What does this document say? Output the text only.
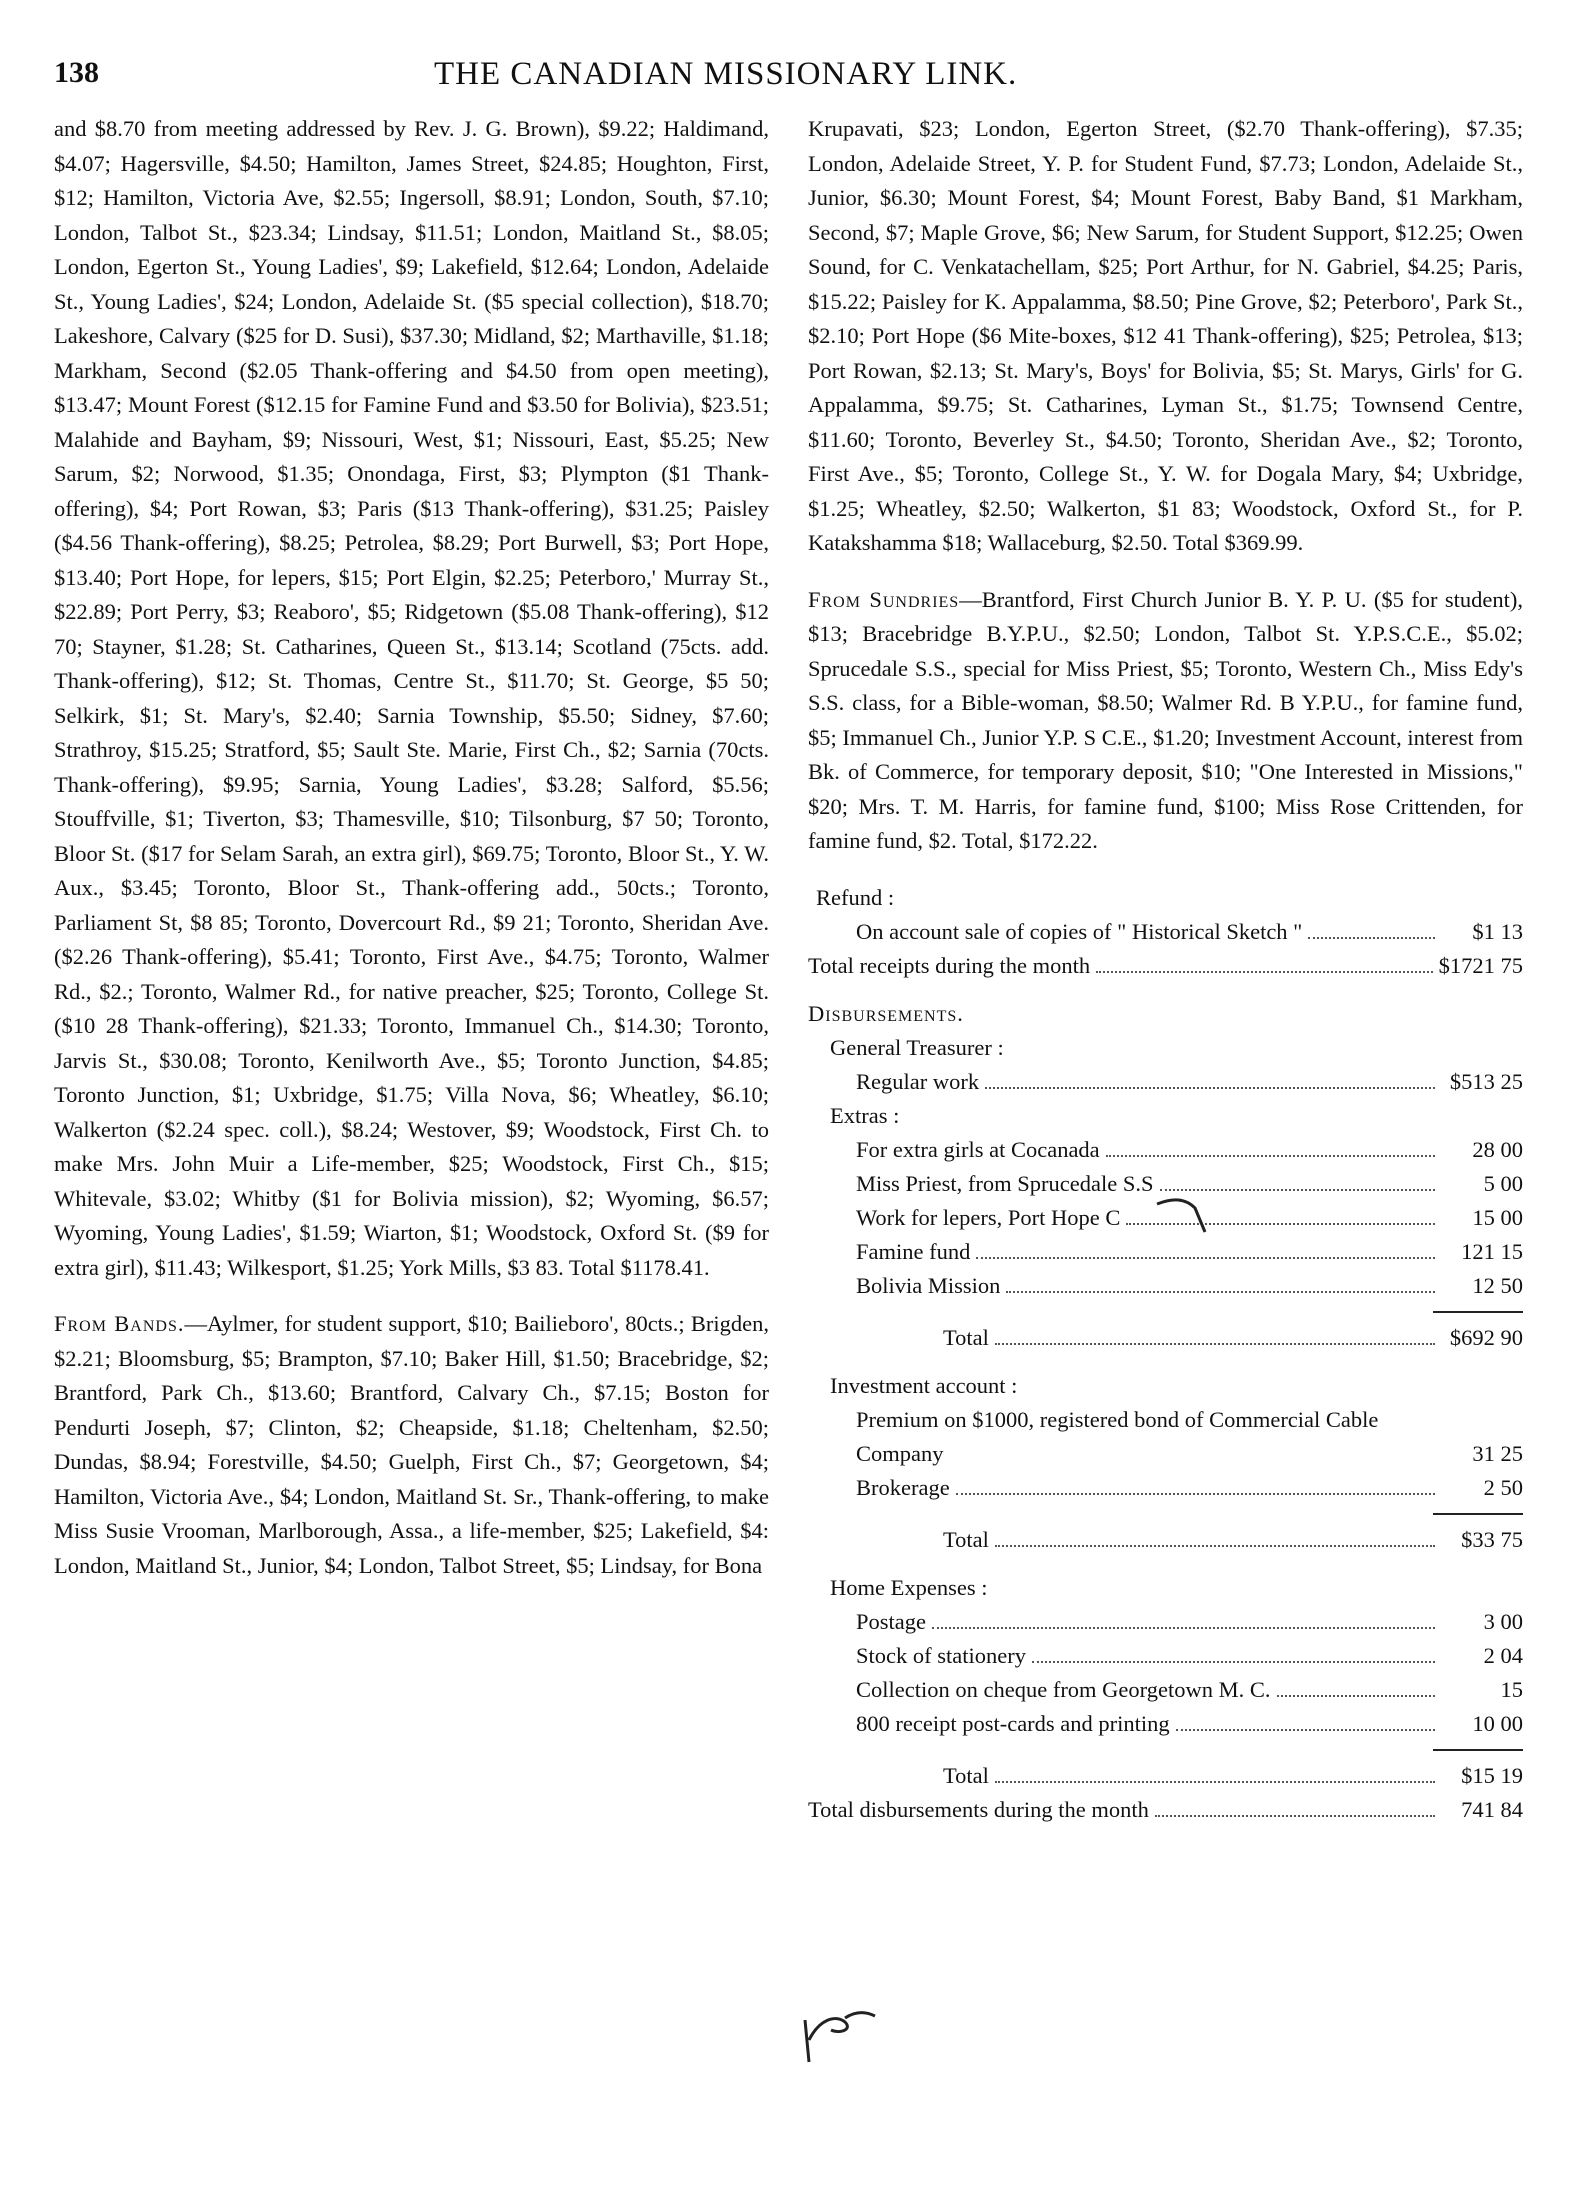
138	THE CANADIAN MISSIONARY LINK.

and $8.70 from meeting addressed by Rev. J. G. Brown), $9.22; Haldimand, $4.07; Hagersville, $4.50; Hamilton, James Street, $24.85; Houghton, First, $12; Hamilton, Victoria Ave, $2.55; Ingersoll, $8.91; London, South, $7.10; London, Talbot St., $23.34; Lindsay, $11.51; London, Maitland St., $8.05; London, Egerton St., Young Ladies', $9; Lakefield, $12.64; London, Adelaide St., Young Ladies', $24; London, Adelaide St. ($5 special collection), $18.70; Lakeshore, Calvary ($25 for D. Susi), $37.30; Midland, $2; Marthaville, $1.18; Markham, Second ($2.05 Thank-offering and $4.50 from open meeting), $13.47; Mount Forest ($12.15 for Famine Fund and $3.50 for Bolivia), $23.51; Malahide and Bayham, $9; Nissouri, West, $1; Nissouri, East, $5.25; New Sarum, $2; Norwood, $1.35; Onondaga, First, $3; Plympton ($1 Thank-offering), $4; Port Rowan, $3; Paris ($13 Thank-offering), $31.25; Paisley ($4.56 Thank-offering), $8.25; Petrolea, $8.29; Port Burwell, $3; Port Hope, $13.40; Port Hope, for lepers, $15; Port Elgin, $2.25; Peterboro,' Murray St., $22.89; Port Perry, $3; Reaboro', $5; Ridgetown ($5.08 Thank-offering), $12 70; Stayner, $1.28; St. Catharines, Queen St., $13.14; Scotland (75cts. add. Thank-offering), $12; St. Thomas, Centre St., $11.70; St. George, $5 50; Selkirk, $1; St. Mary's, $2.40; Sarnia Township, $5.50; Sidney, $7.60; Strathroy, $15.25; Stratford, $5; Sault Ste. Marie, First Ch., $2; Sarnia (70cts. Thank-offering), $9.95; Sarnia, Young Ladies', $3.28; Salford, $5.56; Stouffville, $1; Tiverton, $3; Thamesville, $10; Tilsonburg, $7 50; Toronto, Bloor St. ($17 for Selam Sarah, an extra girl), $69.75; Toronto, Bloor St., Y. W. Aux., $3.45; Toronto, Bloor St., Thank-offering add., 50cts.; Toronto, Parliament St, $8 85; Toronto, Dovercourt Rd., $9 21; Toronto, Sheridan Ave. ($2.26 Thank-offering), $5.41; Toronto, First Ave., $4.75; Toronto, Walmer Rd., $2.; Toronto, Walmer Rd., for native preacher, $25; Toronto, College St. ($10 28 Thank-offering), $21.33; Toronto, Immanuel Ch., $14.30; Toronto, Jarvis St., $30.08; Toronto, Kenilworth Ave., $5; Toronto Junction, $4.85; Toronto Junction, $1; Uxbridge, $1.75; Villa Nova, $6; Wheatley, $6.10; Walkerton ($2.24 spec. coll.), $8.24; Westover, $9; Woodstock, First Ch. to make Mrs. John Muir a Life-member, $25; Woodstock, First Ch., $15; Whitevale, $3.02; Whitby ($1 for Bolivia mission), $2; Wyoming, $6.57; Wyoming, Young Ladies', $1.59; Wiarton, $1; Woodstock, Oxford St. ($9 for extra girl), $11.43; Wilkesport, $1.25; York Mills, $3 83. Total $1178.41.

From Bands.—Aylmer, for student support, $10; Bailieboro', 80cts.; Brigden, $2.21; Bloomsburg, $5; Brampton, $7.10; Baker Hill, $1.50; Bracebridge, $2; Brantford, Park Ch., $13.60; Brantford, Calvary Ch., $7.15; Boston for Pendurti Joseph, $7; Clinton, $2; Cheapside, $1.18; Cheltenham, $2.50; Dundas, $8.94; Forestville, $4.50; Guelph, First Ch., $7; Georgetown, $4; Hamilton, Victoria Ave., $4; London, Maitland St. Sr., Thank-offering, to make Miss Susie Vrooman, Marlborough, Assa., a life-member, $25; Lakefield, $4: London, Maitland St., Junior, $4; London, Talbot Street, $5; Lindsay, for Bona

Krupavati, $23; London, Egerton Street, ($2.70 Thank-offering), $7.35; London, Adelaide Street, Y. P. for Student Fund, $7.73; London, Adelaide St., Junior, $6.30; Mount Forest, $4; Mount Forest, Baby Band, $1 Markham, Second, $7; Maple Grove, $6; New Sarum, for Student Support, $12.25; Owen Sound, for C. Venkatachellam, $25; Port Arthur, for N. Gabriel, $4.25; Paris, $15.22; Paisley for K. Appalamma, $8.50; Pine Grove, $2; Peterboro', Park St., $2.10; Port Hope ($6 Mite-boxes, $12 41 Thank-offering), $25; Petrolea, $13; Port Rowan, $2.13; St. Mary's, Boys' for Bolivia, $5; St. Marys, Girls' for G. Appalamma, $9.75; St. Catharines, Lyman St., $1.75; Townsend Centre, $11.60; Toronto, Beverley St., $4.50; Toronto, Sheridan Ave., $2; Toronto, First Ave., $5; Toronto, College St., Y. W. for Dogala Mary, $4; Uxbridge, $1.25; Wheatley, $2.50; Walkerton, $1 83; Woodstock, Oxford St., for P. Katakshamma $18; Wallaceburg, $2.50. Total $369.99.

From Sundries—Brantford, First Church Junior B. Y. P. U. ($5 for student), $13; Bracebridge B.Y.P.U., $2.50; London, Talbot St. Y.P.S.C.E., $5.02; Sprucedale S.S., special for Miss Priest, $5; Toronto, Western Ch., Miss Edy's S.S. class, for a Bible-woman, $8.50; Walmer Rd. B Y.P.U., for famine fund, $5; Immanuel Ch., Junior Y.P. S C.E., $1.20; Investment Account, interest from Bk. of Commerce, for temporary deposit, $10; "One Interested in Missions," $20; Mrs. T. M. Harris, for famine fund, $100; Miss Rose Crittenden, for famine fund, $2. Total, $172.22.

Refund :
On account sale of copies of " Historical Sketch "	$1 13
Total receipts during the month	$1721 75
Disbursements.
General Treasurer :
Regular work	$513 25
Extras :
For extra girls at Cocanada	28 00
Miss Priest, from Sprucedale S.S	5 00
Work for lepers, Port Hope C	15 00
Famine fund	121 15
Bolivia Mission	12 50
Total	$692 90
Investment account :
Premium on $1000, registered bond of Commercial Cable Company	31 25
Brokerage	2 50
Total	$33 75
Home Expenses :
Postage	3 00
Stock of stationery	2 04
Collection on cheque from Georgetown M. C.	15
800 receipt post-cards and printing	10 00
Total	$15 19
Total disbursements during the month	741 84
